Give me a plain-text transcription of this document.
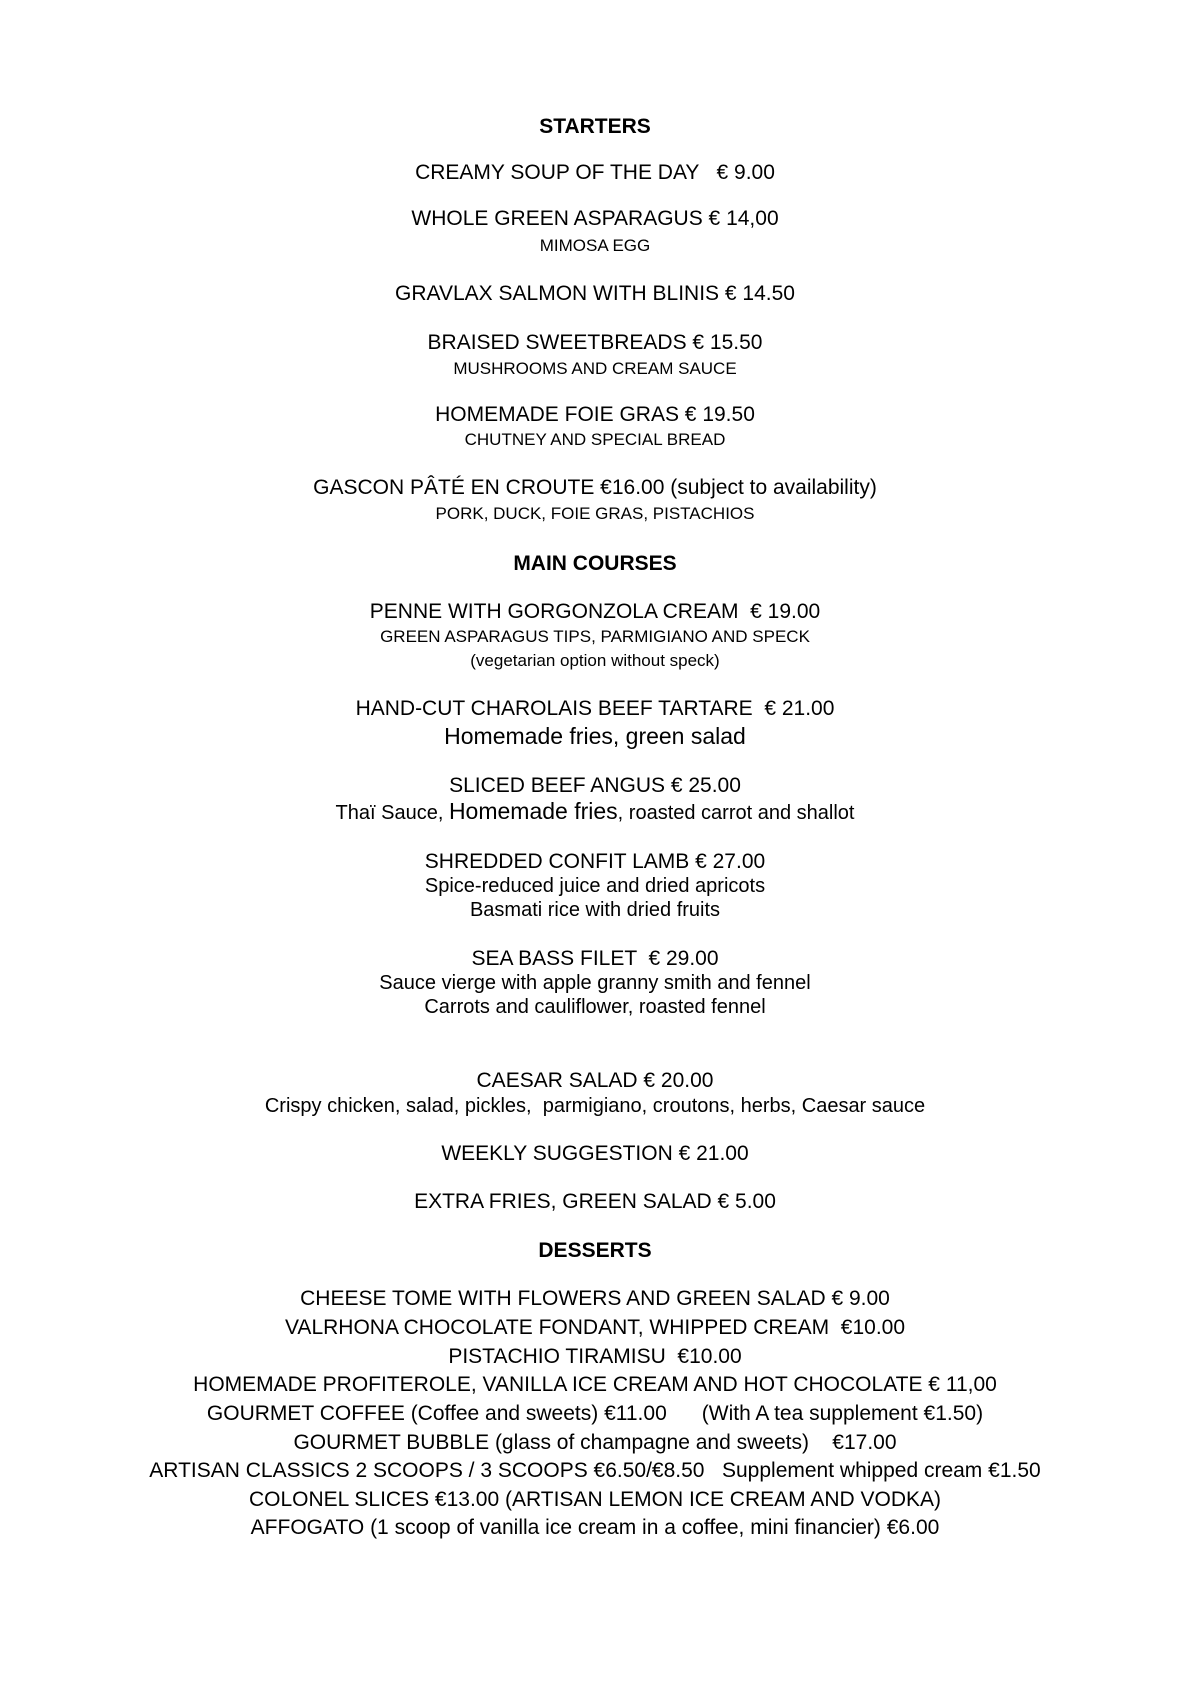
STARTERS
CREAMY SOUP OF THE DAY   € 9.00
WHOLE GREEN ASPARAGUS € 14,00
MIMOSA EGG
GRAVLAX SALMON WITH BLINIS € 14.50
BRAISED SWEETBREADS € 15.50
MUSHROOMS AND CREAM SAUCE
HOMEMADE FOIE GRAS € 19.50
CHUTNEY AND SPECIAL BREAD
GASCON PÂTÉ EN CROUTE €16.00 (subject to availability)
PORK, DUCK, FOIE GRAS, PISTACHIOS
MAIN COURSES
PENNE WITH GORGONZOLA CREAM  € 19.00
GREEN ASPARAGUS TIPS, PARMIGIANO AND SPECK
(vegetarian option without speck)
HAND-CUT CHAROLAIS BEEF TARTARE  € 21.00
Homemade fries, green salad
SLICED BEEF ANGUS € 25.00
Thaï Sauce, Homemade fries, roasted carrot and shallot
SHREDDED CONFIT LAMB € 27.00
Spice-reduced juice and dried apricots
Basmati rice with dried fruits
SEA BASS FILET  € 29.00
Sauce vierge with apple granny smith and fennel
Carrots and cauliflower, roasted fennel
CAESAR SALAD € 20.00
Crispy chicken, salad, pickles,  parmigiano, croutons, herbs, Caesar sauce
WEEKLY SUGGESTION € 21.00
EXTRA FRIES, GREEN SALAD € 5.00
DESSERTS
CHEESE TOME WITH FLOWERS AND GREEN SALAD € 9.00
VALRHONA CHOCOLATE FONDANT, WHIPPED CREAM  €10.00
PISTACHIO TIRAMISU  €10.00
HOMEMADE PROFITEROLE, VANILLA ICE CREAM AND HOT CHOCOLATE € 11,00
GOURMET COFFEE (Coffee and sweets) €11.00      (With A tea supplement €1.50)
GOURMET BUBBLE (glass of champagne and sweets)    €17.00
ARTISAN CLASSICS 2 SCOOPS / 3 SCOOPS €6.50/€8.50   Supplement whipped cream €1.50
COLONEL SLICES €13.00 (ARTISAN LEMON ICE CREAM AND VODKA)
AFFOGATO (1 scoop of vanilla ice cream in a coffee, mini financier) €6.00
